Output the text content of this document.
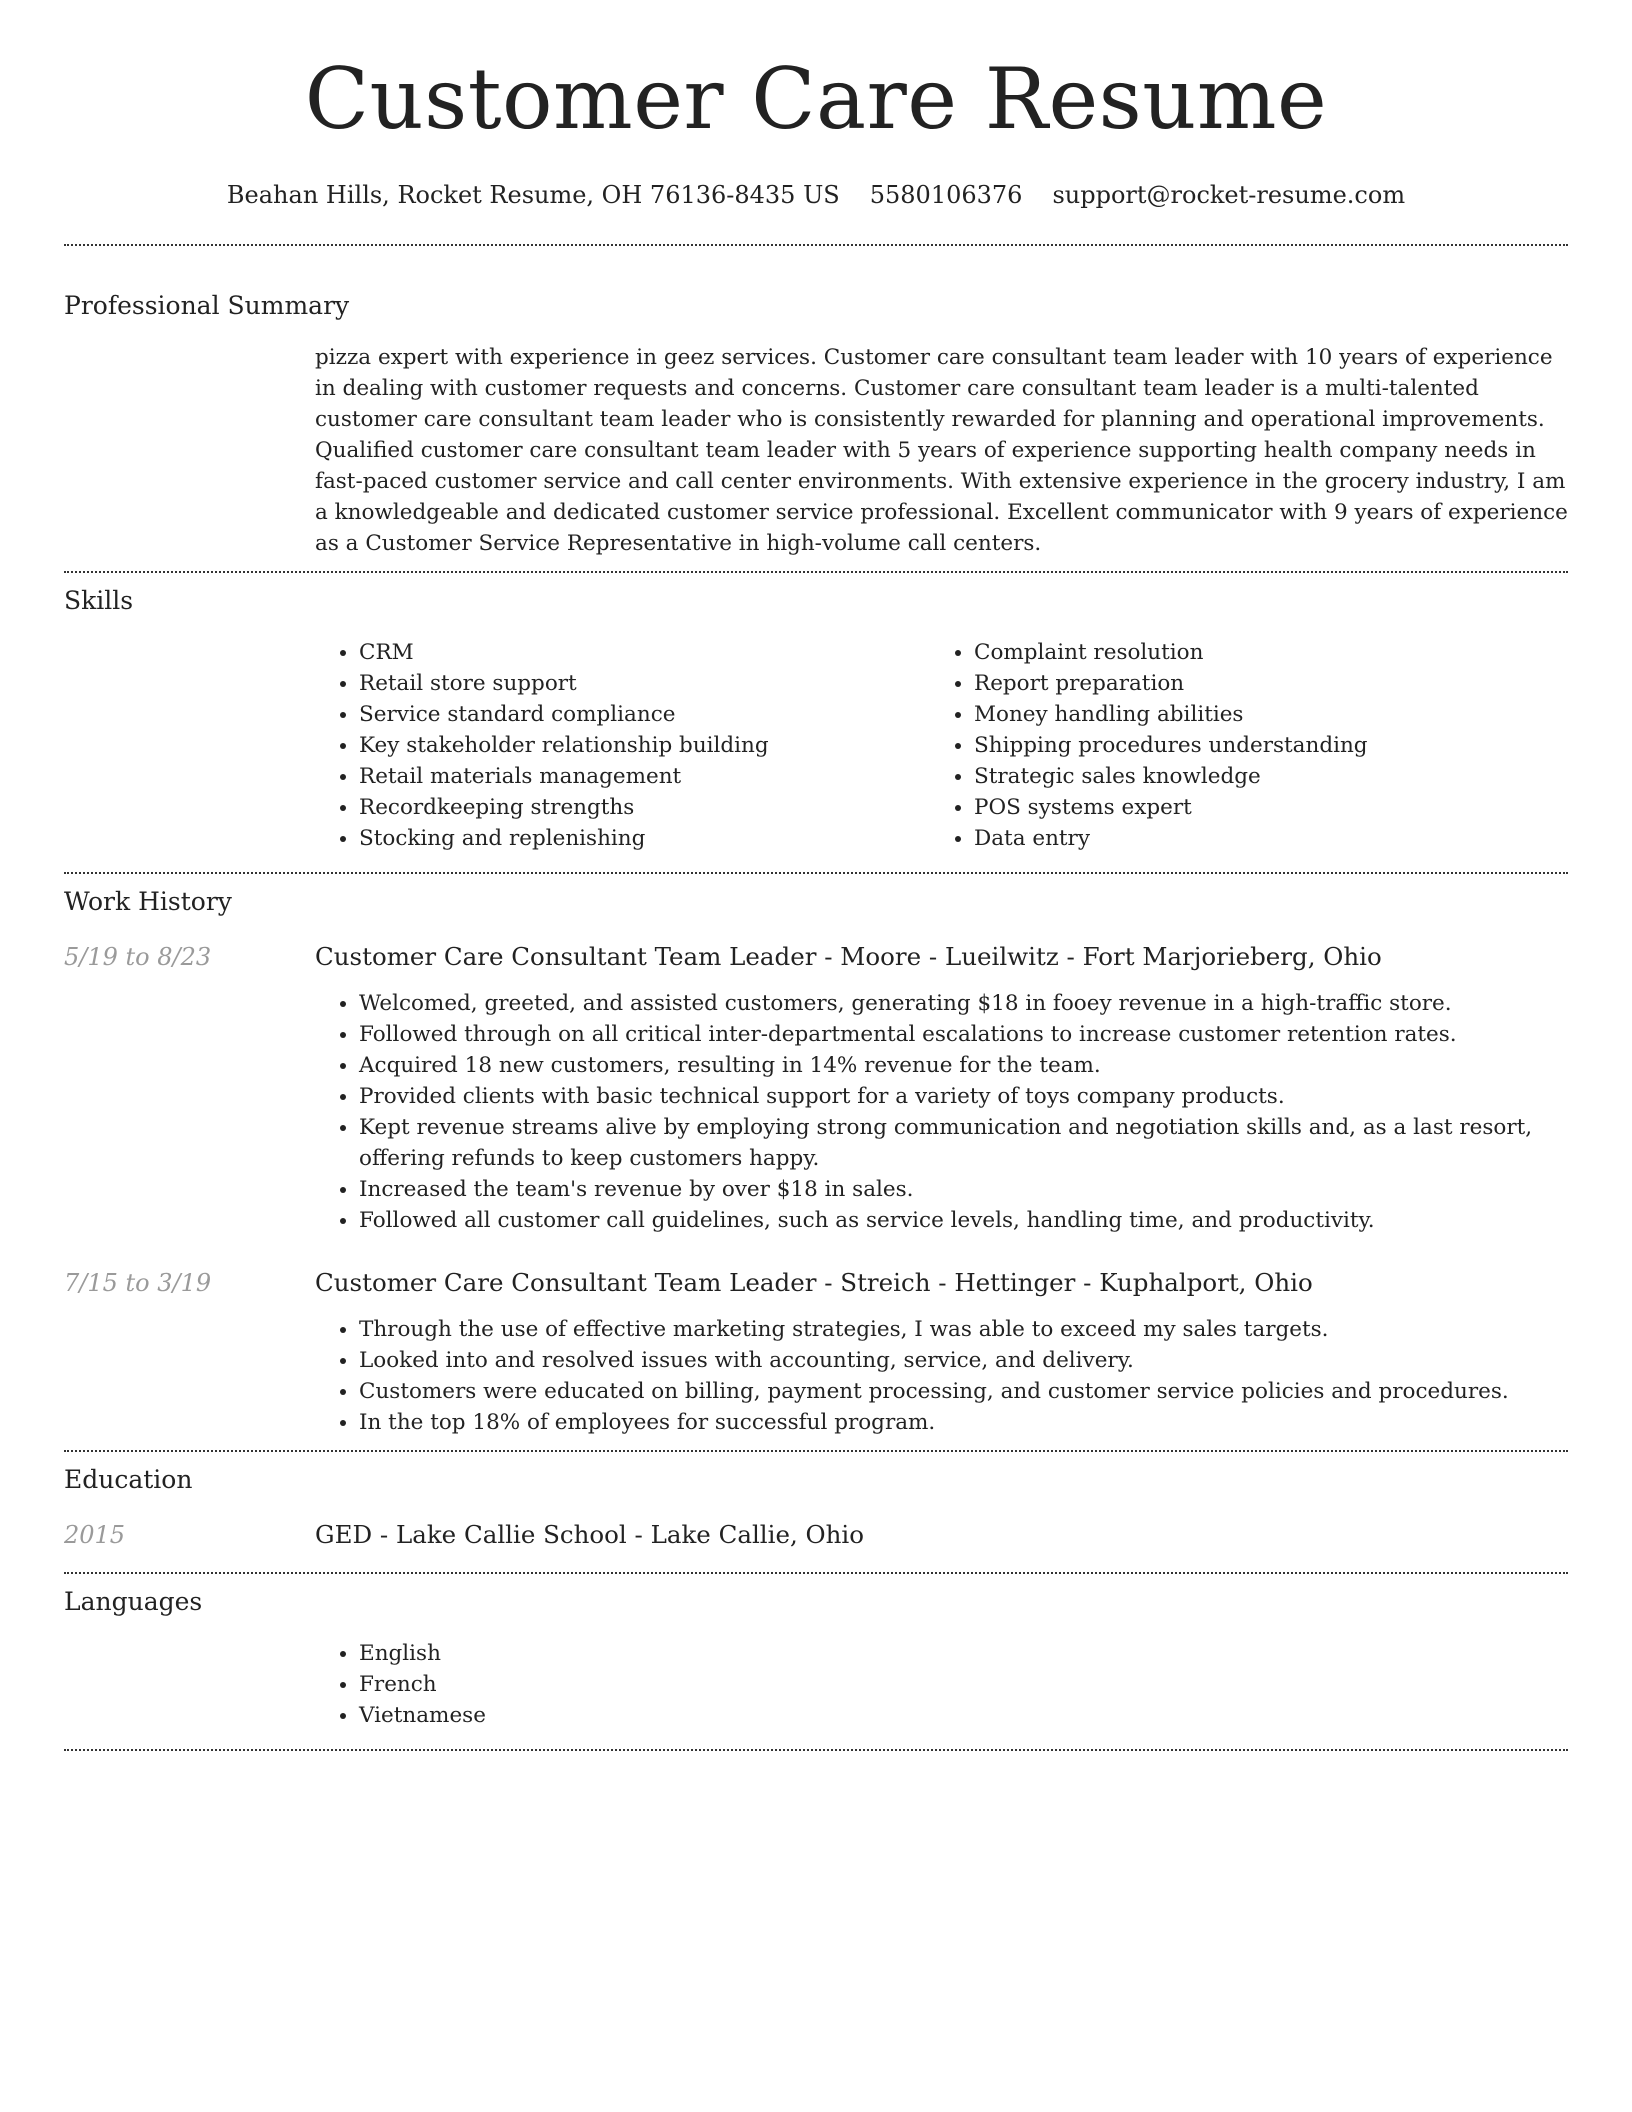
Customer Care Resume
Beahan Hills, Rocket Resume, OH 76136-8435 US 5580106376 support@rocket-resume.com
Professional Summary

pizza expert with experience in geez services. Customer care consultant team leader with 10 years of experience in dealing with customer requests and concerns. Customer care consultant team leader is a multi-talented customer care consultant team leader who is consistently rewarded for planning and operational improvements. Qualified customer care consultant team leader with 5 years of experience supporting health company needs in fast-paced customer service and call center environments. With extensive experience in the grocery industry, I am a knowledgeable and dedicated customer service professional. Excellent communicator with 9 years of experience as a Customer Service Representative in high-volume call centers.

Skills
• CRM
• Retail store support
• Service standard compliance
• Key stakeholder relationship building
• Retail materials management
• Recordkeeping strengths
• Stocking and replenishing
• Complaint resolution
• Report preparation
• Money handling abilities
• Shipping procedures understanding
• Strategic sales knowledge
• POS systems expert
• Data entry
Work History
5/19 to 8/23	Customer Care Consultant Team Leader - Moore - Lueilwitz - Fort Marjorieberg, Ohio

• Welcomed, greeted, and assisted customers, generating $18 in fooey revenue in a high-traffic store.
• Followed through on all critical inter-departmental escalations to increase customer retention rates.
• Acquired 18 new customers, resulting in 14% revenue for the team.
• Provided clients with basic technical support for a variety of toys company products.
• Kept revenue streams alive by employing strong communication and negotiation skills and, as a last resort, offering refunds to keep customers happy.
• Increased the team's revenue by over $18 in sales.
• Followed all customer call guidelines, such as service levels, handling time, and productivity.
7/15 to 3/19	Customer Care Consultant Team Leader - Streich - Hettinger - Kuphalport, Ohio

• Through the use of effective marketing strategies, I was able to exceed my sales targets.
• Looked into and resolved issues with accounting, service, and delivery.
• Customers were educated on billing, payment processing, and customer service policies and procedures.
• In the top 18% of employees for successful program.
Education
2015	GED - Lake Callie School - Lake Callie, Ohio

Languages
• English
• French
• Vietnamese
